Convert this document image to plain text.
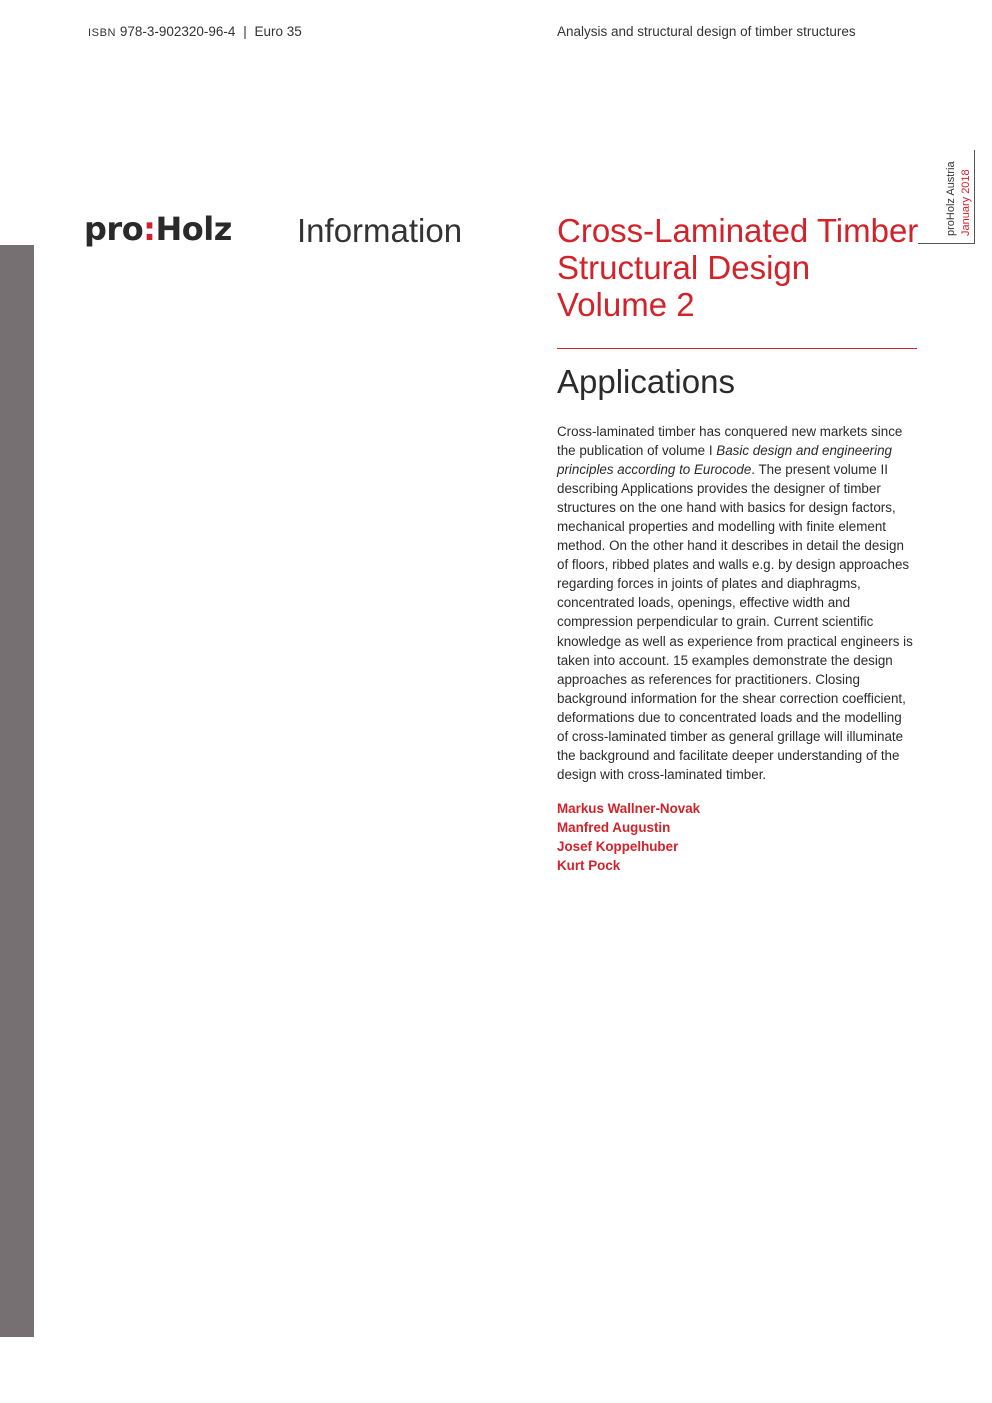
ISBN 978-3-902320-96-4 | Euro 35	Analysis and structural design of timber structures
pro:Holz Information	Cross-Laminated Timber
Structural Design
Volume 2
Applications

Cross-laminated timber has conquered new markets since the publication of volume I Basic design and engineering principles according to Eurocode. The present volume II describing Applications provides the designer of timber structures on the one hand with basics for design factors, mechanical properties and modelling with finite element method. On the other hand it describes in detail the design of floors, ribbed plates and walls e.g. by design approaches regarding forces in joints of plates and diaphragms, concentrated loads, openings, effective width and compression perpendicular to grain. Current scientific knowledge as well as experience from practical engineers is taken into account. 15 examples demonstrate the design approaches as references for practitioners. Closing background information for the shear correction coefficient, deformations due to concentrated loads and the modelling of cross-laminated timber as general grillage will illuminate the background and facilitate deeper understanding of the design with cross-laminated timber.

Markus Wallner-Novak
Manfred Augustin
Josef Koppelhuber
Kurt Pock
proHolz Austria January 2018
